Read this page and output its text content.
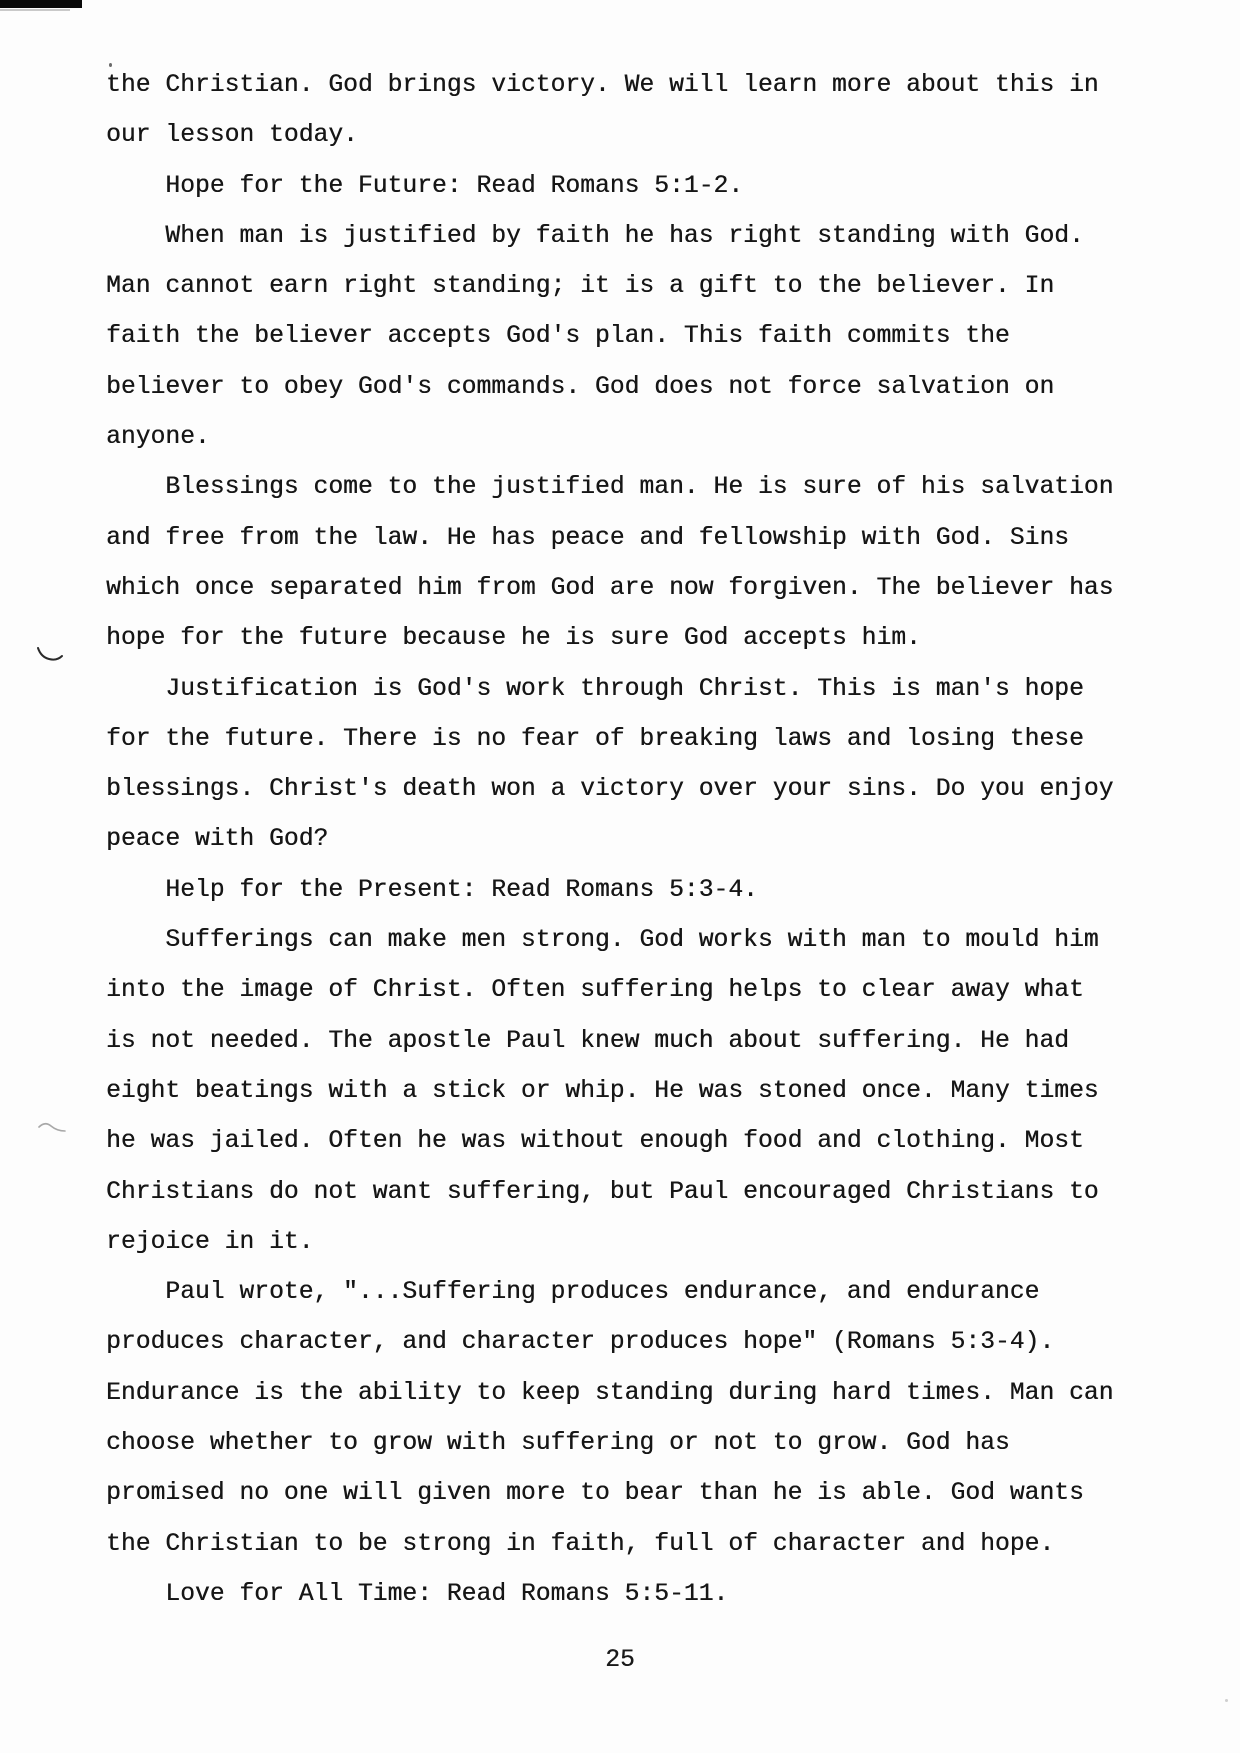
the Christian. God brings victory. We will learn more about this in
our lesson today.
Hope for the Future: Read Romans 5:1-2.
When man is justified by faith he has right standing with God.
Man cannot earn right standing; it is a gift to the believer. In
faith the believer accepts God's plan. This faith commits the
believer to obey God's commands. God does not force salvation on
anyone.
Blessings come to the justified man. He is sure of his salvation
and free from the law. He has peace and fellowship with God. Sins
which once separated him from God are now forgiven. The believer has
hope for the future because he is sure God accepts him.
Justification is God's work through Christ. This is man's hope
for the future. There is no fear of breaking laws and losing these
blessings. Christ's death won a victory over your sins. Do you enjoy
peace with God?
Help for the Present: Read Romans 5:3-4.
Sufferings can make men strong. God works with man to mould him
into the image of Christ. Often suffering helps to clear away what
is not needed. The apostle Paul knew much about suffering. He had
eight beatings with a stick or whip. He was stoned once. Many times
he was jailed. Often he was without enough food and clothing. Most
Christians do not want suffering, but Paul encouraged Christians to
rejoice in it.
Paul wrote, "...Suffering produces endurance, and endurance
produces character, and character produces hope" (Romans 5:3-4).
Endurance is the ability to keep standing during hard times. Man can
choose whether to grow with suffering or not to grow. God has
promised no one will given more to bear than he is able. God wants
the Christian to be strong in faith, full of character and hope.
Love for All Time: Read Romans 5:5-11.
25
